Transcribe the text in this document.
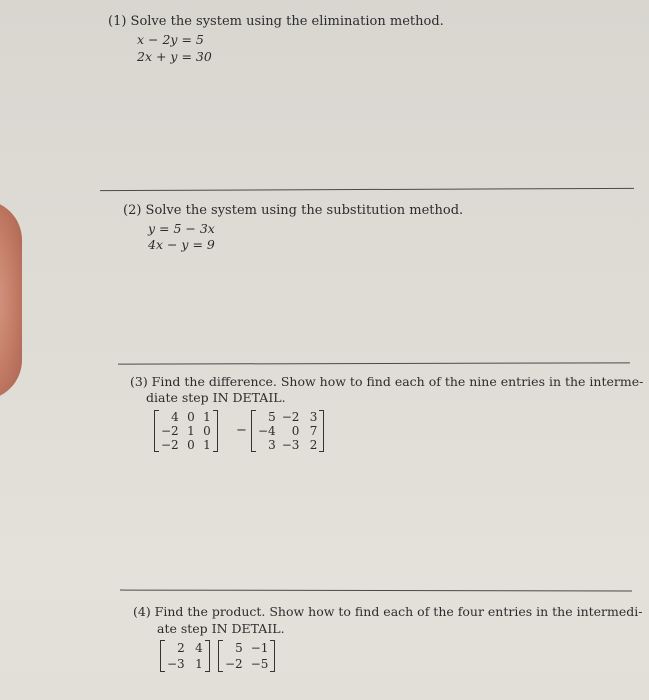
(1) Solve the system using the elimination method.
x − 2y = 5
2x + y = 30
(2) Solve the system using the substitution method.
y = 5 − 3x
4x − y = 9
(3) Find the difference. Show how to find each of the nine entries in the interme-
diate step IN DETAIL.
4 0 1
−2 1 0
−2 0 1
−
5 −2 3
−4	0 7
3 −3 2
(4) Find the product. Show how to find each of the four entries in the intermedi-
ate step IN DETAIL.
2 4
−3 1
5 −1
−2 −5
